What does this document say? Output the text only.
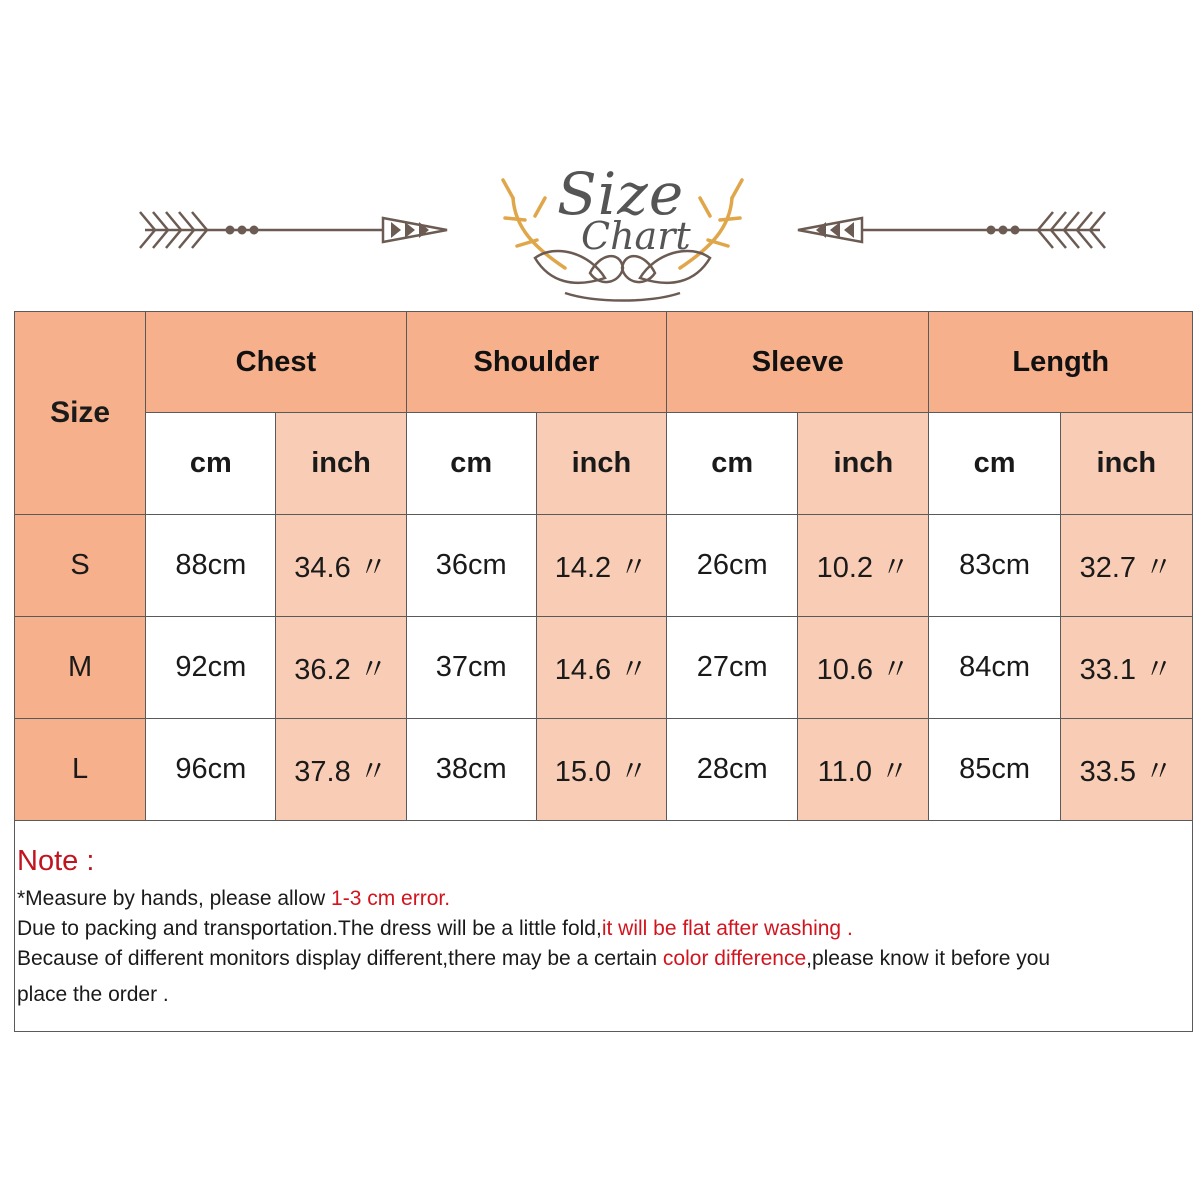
Size
Chart
Size	Chest		Shoulder		Sleeve		Length	
	cm	inch	cm	inch	cm	inch	cm	inch
S	88cm	34.6 〃	36cm	14.2 〃	26cm	10.2 〃	83cm	32.7 〃
M	92cm	36.2 〃	37cm	14.6 〃	27cm	10.6 〃	84cm	33.1 〃
L	96cm	37.8 〃	38cm	15.0 〃	28cm	11.0 〃	85cm	33.5 〃
Note :
*Measure by hands, please allow 1-3 cm error.
Due to packing and transportation.The dress will be a little fold,it will be flat after washing .
Because of different monitors display different,there may be a certain color difference,please know it before you
place the order .
